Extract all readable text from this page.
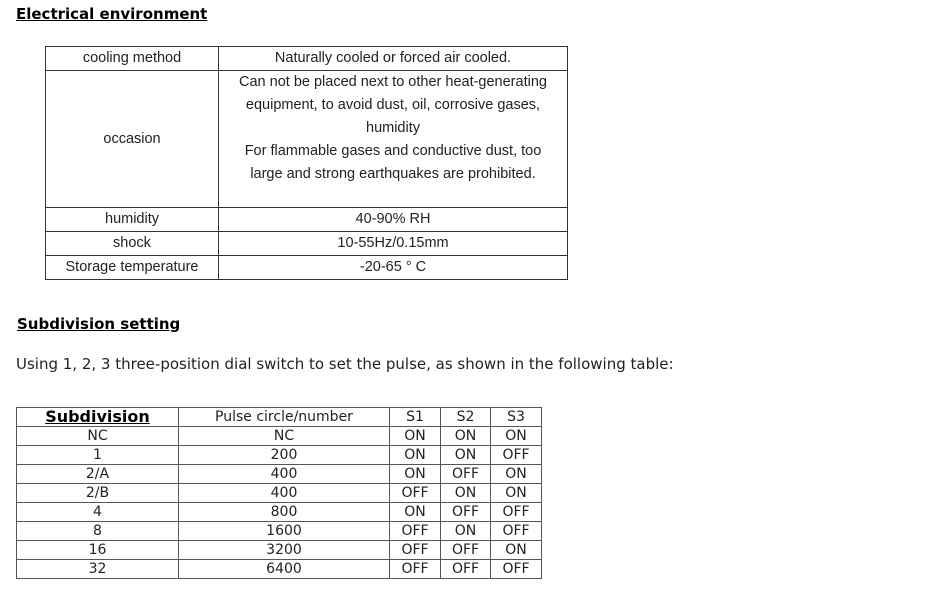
Electrical environment
cooling method	Naturally cooled or forced air cooled.
occasion	Can not be placed next to other heat-generating
equipment, to avoid dust, oil, corrosive gases,
humidity
For flammable gases and conductive dust, too
large and strong earthquakes are prohibited.

humidity	40-90% RH
shock	10-55Hz/0.15mm
Storage temperature	-20-65 ° C
Subdivision setting
Using 1, 2, 3 three-position dial switch to set the pulse, as shown in the following table:
Subdivision	Pulse circle/number	S1	S2	S3
NC	NC	ON	ON	ON
1	200	ON	ON	OFF
2/A	400	ON	OFF	ON
2/B	400	OFF	ON	ON
4	800	ON	OFF	OFF
8	1600	OFF	ON	OFF
16	3200	OFF	OFF	ON
32	6400	OFF	OFF	OFF
